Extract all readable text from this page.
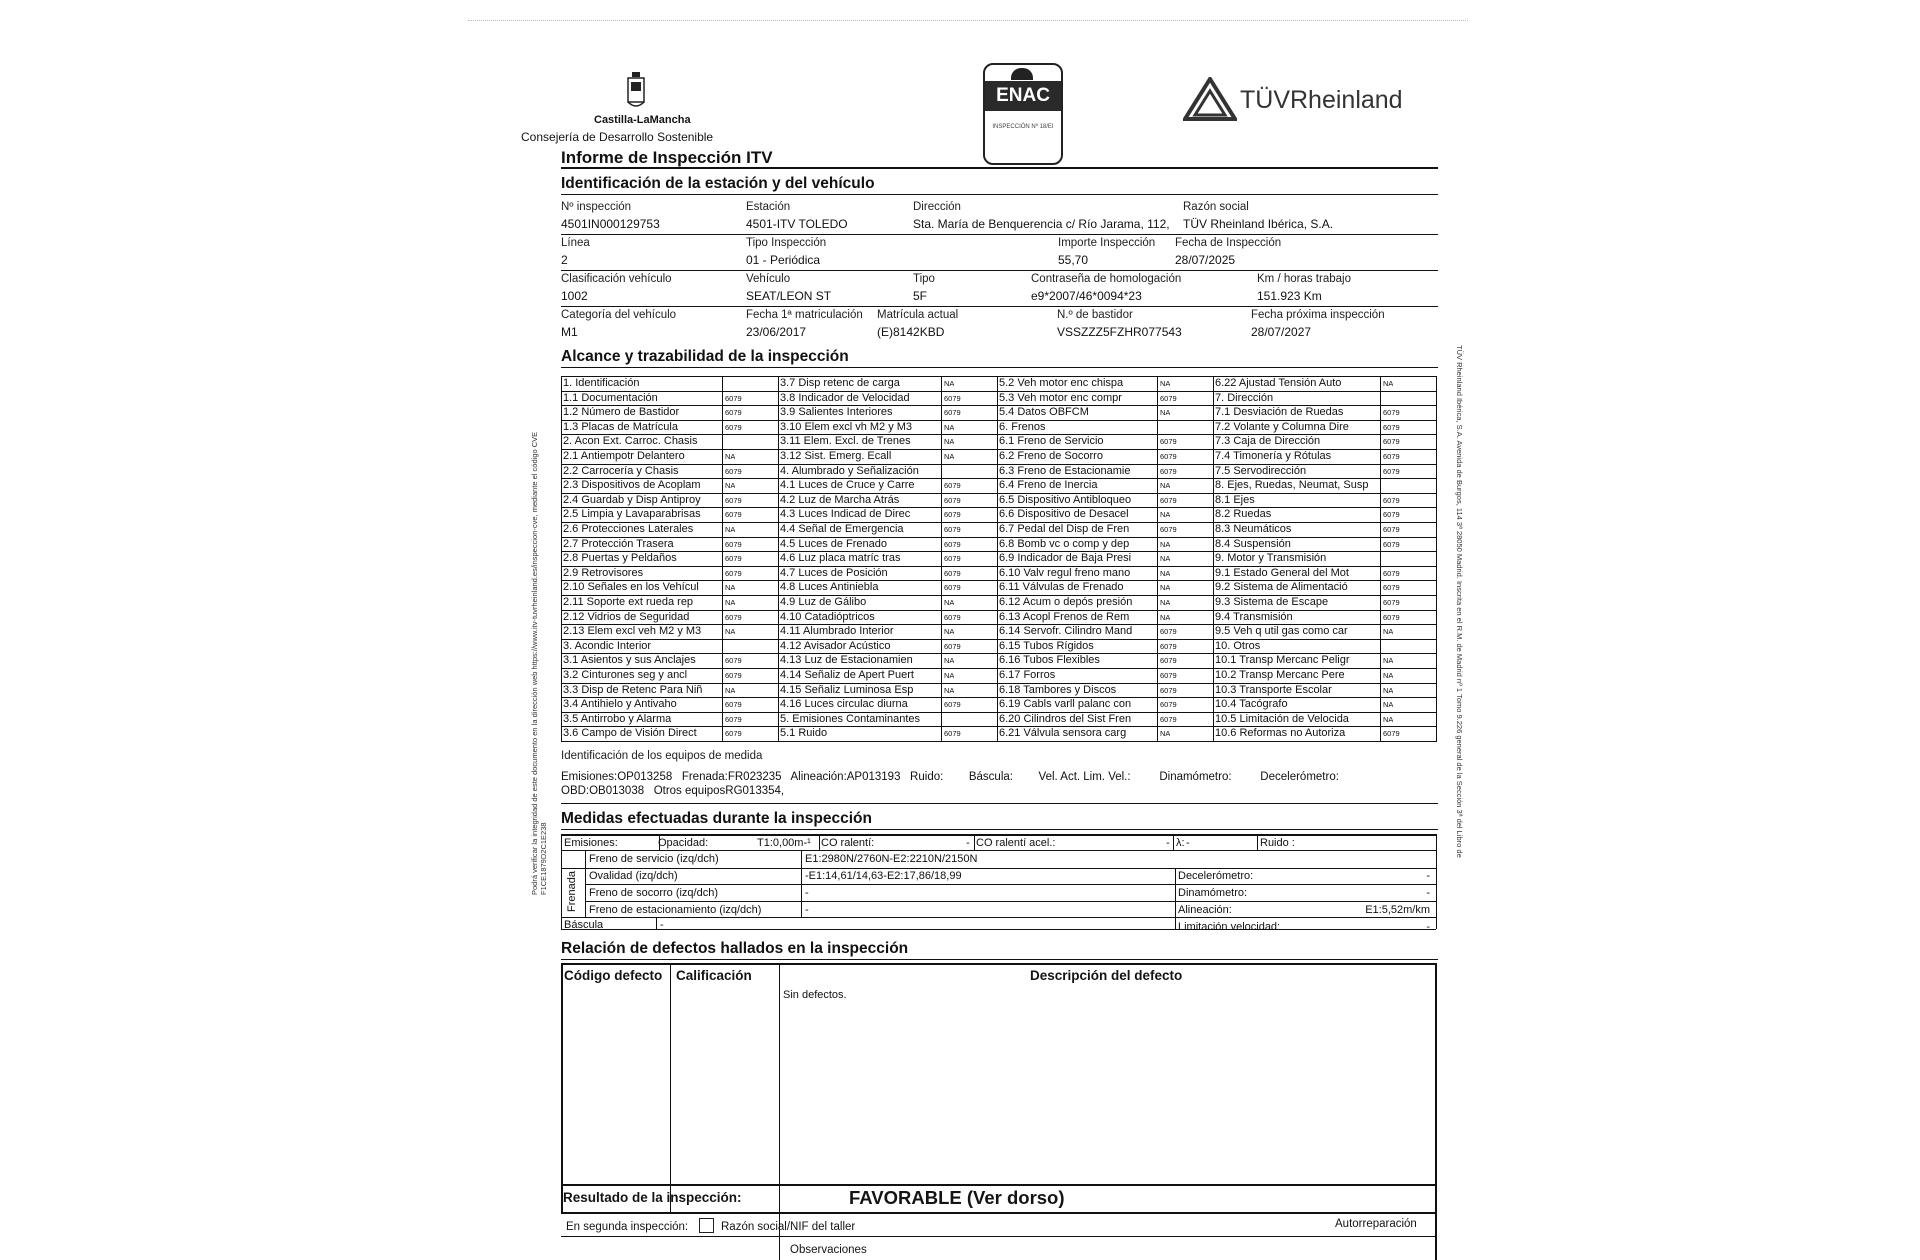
Castilla-LaMancha
Consejería de Desarrollo Sostenible
ENAC
INSPECCIÓN Nº 18/EI
TÜVRheinland
Informe de Inspección ITV
Identificación de la estación y del vehículo
Nº inspección
4501IN000129753
Estación
4501-ITV TOLEDO
Dirección
Sta. María de Benquerencia c/ Río Jarama, 112,
Razón social
TÜV Rheinland Ibérica, S.A.
Línea
2
Tipo Inspección
01 - Periódica
Importe Inspección
55,70
Fecha de Inspección
28/07/2025
Clasificación vehículo
1002
Vehículo
SEAT/LEON ST
Tipo
5F
Contraseña de homologación
e9*2007/46*0094*23
Km / horas trabajo
151.923 Km
Categoría del vehículo
M1
Fecha 1ª matriculación
23/06/2017
Matrícula actual
(E)8142KBD
N.º de bastidor
VSSZZZ5FZHR077543
Fecha próxima inspección
28/07/2027
Alcance y trazabilidad de la inspección
1. Identificación
1.1 Documentación	6079
1.2 Número de Bastidor	6079
1.3 Placas de Matrícula	6079
2. Acon Ext. Carroc. Chasis
2.1 Antiempotr Delantero	NA
2.2 Carrocería y Chasis	6079
2.3 Dispositivos de Acoplam	NA
2.4 Guardab y Disp Antiproy	6079
2.5 Limpia y Lavaparabrisas	6079
2.6 Protecciones Laterales	NA
2.7 Protección Trasera	6079
2.8 Puertas y Peldaños	6079
2.9 Retrovisores	6079
2.10 Señales en los Vehícul	NA
2.11 Soporte ext rueda rep	NA
2.12 Vidrios de Seguridad	6079
2.13 Elem excl veh M2 y M3	NA
3. Acondic Interior
3.1 Asientos y sus Anclajes	6079
3.2 Cinturones seg y ancl	6079
3.3 Disp de Retenc Para Niñ	NA
3.4 Antihielo y Antivaho	6079
3.5 Antirrobo y Alarma	6079
3.6 Campo de Visión Direct	6079
3.7 Disp retenc de carga	NA
3.8 Indicador de Velocidad	6079
3.9 Salientes Interiores	6079
3.10 Elem excl vh M2 y M3	NA
3.11 Elem. Excl. de Trenes	NA
3.12 Sist. Emerg. Ecall	NA
4. Alumbrado y Señalización
4.1 Luces de Cruce y Carre	6079
4.2 Luz de Marcha Atrás	6079
4.3 Luces Indicad de Direc	6079
4.4 Señal de Emergencia	6079
4.5 Luces de Frenado	6079
4.6 Luz placa matríc tras	6079
4.7 Luces de Posición	6079
4.8 Luces Antiniebla	6079
4.9 Luz de Gálibo	NA
4.10 Catadióptricos	6079
4.11 Alumbrado Interior	NA
4.12 Avisador Acústico	6079
4.13 Luz de Estacionamien	NA
4.14 Señaliz de Apert Puert	NA
4.15 Señaliz Luminosa Esp	NA
4.16 Luces circulac diurna	6079
5. Emisiones Contaminantes
5.1 Ruido	6079
5.2 Veh motor enc chispa	NA
5.3 Veh motor enc compr	6079
5.4 Datos OBFCM	NA
6. Frenos
6.1 Freno de Servicio	6079
6.2 Freno de Socorro	6079
6.3 Freno de Estacionamie	6079
6.4 Freno de Inercia	NA
6.5 Dispositivo Antibloqueo	6079
6.6 Dispositivo de Desacel	NA
6.7 Pedal del Disp de Fren	6079
6.8 Bomb vc o comp y dep	NA
6.9 Indicador de Baja Presi	NA
6.10 Valv regul freno mano	NA
6.11 Válvulas de Frenado	NA
6.12 Acum o depós presión	NA
6.13 Acopl Frenos de Rem	NA
6.14 Servofr. Cilindro Mand	6079
6.15 Tubos Rígidos	6079
6.16 Tubos Flexibles	6079
6.17 Forros	6079
6.18 Tambores y Discos	6079
6.19 Cabls varll palanc con	6079
6.20 Cilindros del Sist Fren	6079
6.21 Válvula sensora carg	NA
6.22 Ajustad Tensión Auto	NA
7. Dirección
7.1 Desviación de Ruedas	6079
7.2 Volante y Columna Dire	6079
7.3 Caja de Dirección	6079
7.4 Timonería y Rótulas	6079
7.5 Servodirección	6079
8. Ejes, Ruedas, Neumat, Susp
8.1 Ejes	6079
8.2 Ruedas	6079
8.3 Neumáticos	6079
8.4 Suspensión	6079
9. Motor y Transmisión
9.1 Estado General del Mot	6079
9.2 Sistema de Alimentació	6079
9.3 Sistema de Escape	6079
9.4 Transmisión	6079
9.5 Veh q util gas como car	NA
10. Otros
10.1 Transp Mercanc Peligr	NA
10.2 Transp Mercanc Pere	NA
10.3 Transporte Escolar	NA
10.4 Tacógrafo	NA
10.5 Limitación de Velocida	NA
10.6 Reformas no Autoriza	6079
Identificación de los equipos de medida
Emisiones:OP013258   Frenada:FR023235   Alineación:AP013193   Ruido:        Báscula:        Vel. Act. Lim. Vel.:         Dinamómetro:         Decelerómetro:
OBD:OB013038   Otros equiposRG013354,
Medidas efectuadas durante la inspección
Emisiones:	Opacidad:	T1:0,00m-¹ CO ralentí:	- CO ralentí acel.:	- λ: -	Ruido :
Frenada
Freno de servicio (izq/dch)	E1:2980N/2760N-E2:2210N/2150N
Ovalidad (izq/dch)	-E1:14,61/14,63-E2:17,86/18,99
Freno de socorro (izq/dch)	-
Freno de estacionamiento (izq/dch)	-
Decelerómetro:	-
Dinamómetro:	-
Alineación:	E1:5,52m/km
Limitación velocidad:	-
Báscula	-
Relación de defectos hallados en la inspección
Código defecto Calificación	Descripción del defecto
Sin defectos.
Resultado de la inspección:	FAVORABLE (Ver dorso)
En segunda inspección:	Razón social/NIF del taller	Autorreparación
Observaciones
Podrá verificar la integridad de este documento en la dirección web https://www.itv-tuvrheinland.es/inspeccion-cve, mediante el código CVE F1CE1879D2C1E238
TÜV Rheinland Ibérica, S.A. Avenida de Burgos, 114 3ª 28050 Madrid. Inscrita en el R.M. de Madrid nº 1 Tomo 9.226 general de la Sección 3ª del Libro de
